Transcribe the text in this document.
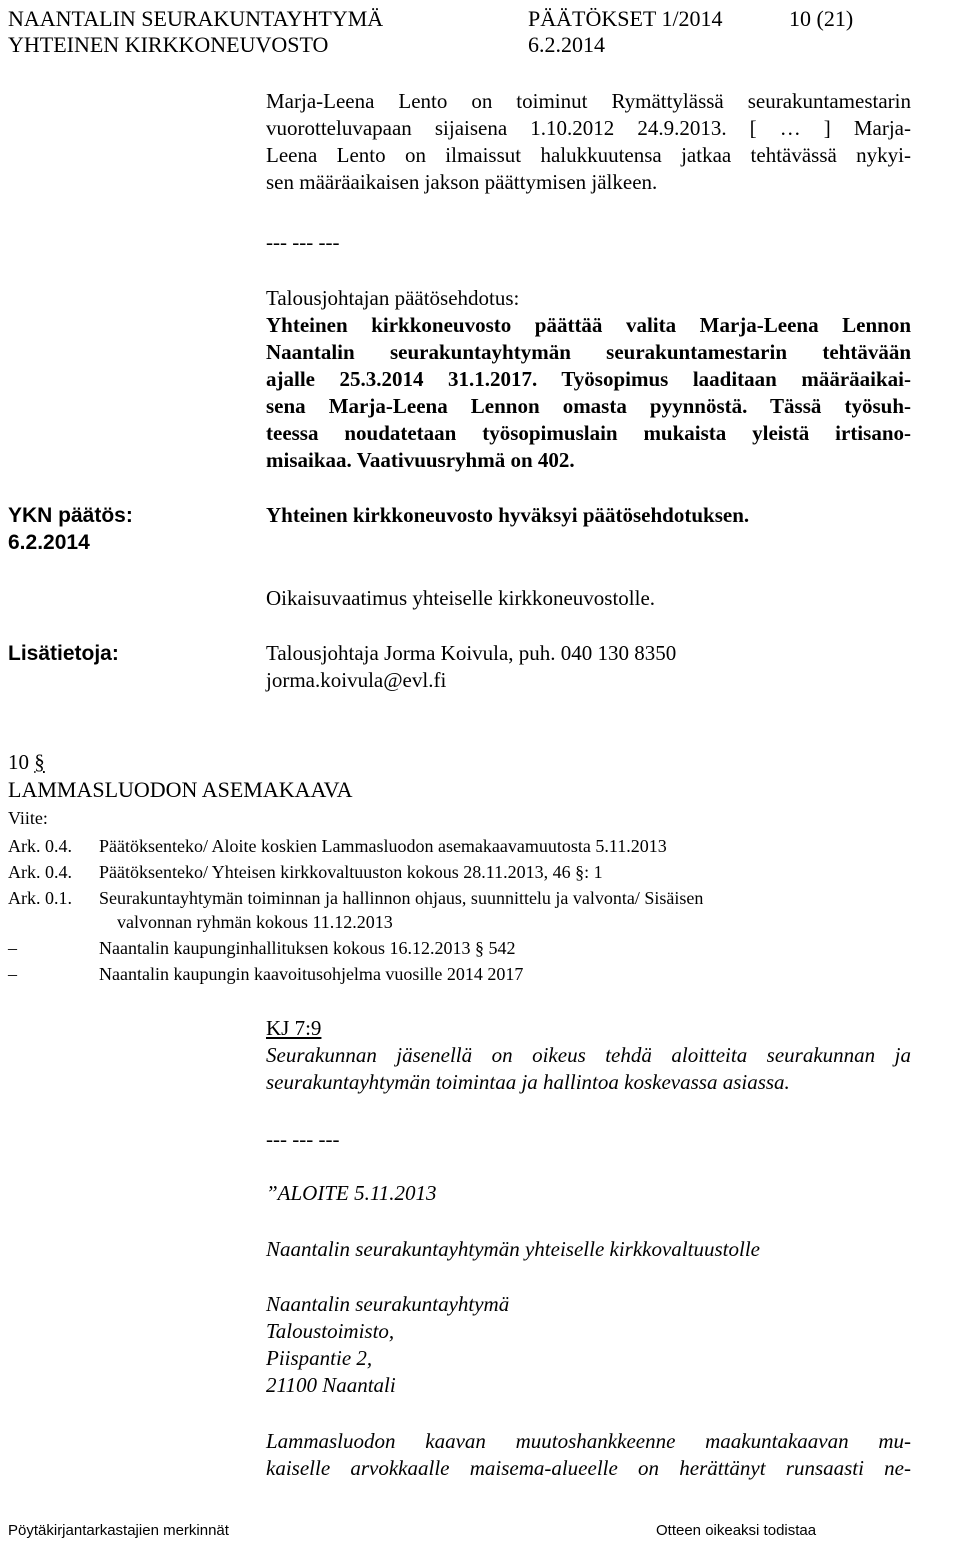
NAANTALIN SEURAKUNTAYHTYMÄ	PÄÄTÖKSET 1/2014	10 (21)
YHTEINEN KIRKKONEUVOSTO	6.2.2014
Marja-Leena Lento on toiminut Rymättylässä seurakuntamestarin
vuorotteluvapaan sijaisena 1.10.2012 24.9.2013. [ … ] Marja-
Leena Lento on ilmaissut halukkuutensa jatkaa tehtävässä nykyi-
sen määräaikaisen jakson päättymisen jälkeen.
--- --- ---
Talousjohtajan päätösehdotus:
Yhteinen kirkkoneuvosto päättää valita Marja-Leena Lennon
Naantalin seurakuntayhtymän seurakuntamestarin tehtävään
ajalle 25.3.2014 31.1.2017. Työsopimus laaditaan määräaikai-
sena Marja-Leena Lennon omasta pyynnöstä. Tässä työsuh-
teessa noudatetaan työsopimuslain mukaista yleistä irtisano-
misaikaa. Vaativuusryhmä on 402.
YKN päätös:
6.2.2014
Yhteinen kirkkoneuvosto hyväksyi päätösehdotuksen.
Oikaisuvaatimus yhteiselle kirkkoneuvostolle.
Lisätietoja:	Talousjohtaja Jorma Koivula, puh. 040 130 8350
jorma.koivula@evl.fi
10 §
LAMMASLUODON ASEMAKAAVA
Viite:
Ark. 0.4. Päätöksenteko/ Aloite koskien Lammasluodon asemakaavamuutosta 5.11.2013
Ark. 0.4. Päätöksenteko/ Yhteisen kirkkovaltuuston kokous 28.11.2013, 46 §: 1
Ark. 0.1. Seurakuntayhtymän toiminnan ja hallinnon ohjaus, suunnittelu ja valvonta/ Sisäisen
valvonnan ryhmän kokous 11.12.2013
–	Naantalin kaupunginhallituksen kokous 16.12.2013 § 542
–	Naantalin kaupungin kaavoitusohjelma vuosille 2014 2017
KJ 7:9
Seurakunnan jäsenellä on oikeus tehdä aloitteita seurakunnan ja
seurakuntayhtymän toimintaa ja hallintoa koskevassa asiassa.
--- --- ---
”ALOITE 5.11.2013
Naantalin seurakuntayhtymän yhteiselle kirkkovaltuustolle
Naantalin seurakuntayhtymä
Taloustoimisto,
Piispantie 2,
21100 Naantali
Lammasluodon kaavan muutoshankkeenne maakuntakaavan mu-
kaiselle arvokkaalle maisema-alueelle on herättänyt runsaasti ne-
Pöytäkirjantarkastajien merkinnät	Otteen oikeaksi todistaa
